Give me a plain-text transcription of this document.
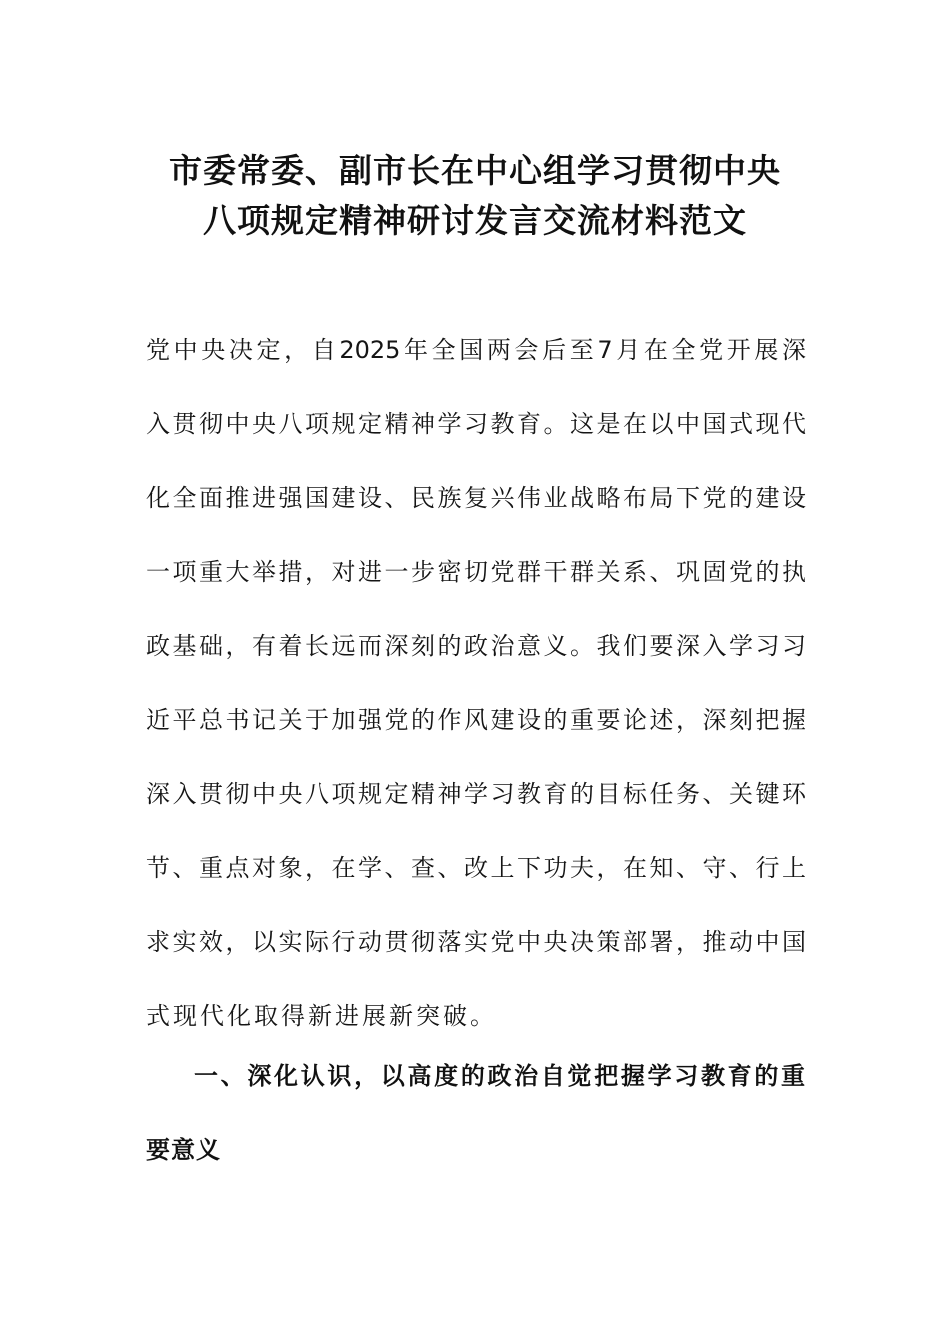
市委常委、副市长在中心组学习贯彻中央
八项规定精神研讨发言交流材料范文
党中央决定，自2025年全国两会后至7月在全党开展深
入贯彻中央八项规定精神学习教育。这是在以中国式现代
化全面推进强国建设、民族复兴伟业战略布局下党的建设
一项重大举措，对进一步密切党群干群关系、巩固党的执
政基础，有着长远而深刻的政治意义。我们要深入学习习
近平总书记关于加强党的作风建设的重要论述，深刻把握
深入贯彻中央八项规定精神学习教育的目标任务、关键环
节、重点对象，在学、查、改上下功夫，在知、守、行上
求实效，以实际行动贯彻落实党中央决策部署，推动中国
式现代化取得新进展新突破。
一、深化认识，以高度的政治自觉把握学习教育的重
要意义
